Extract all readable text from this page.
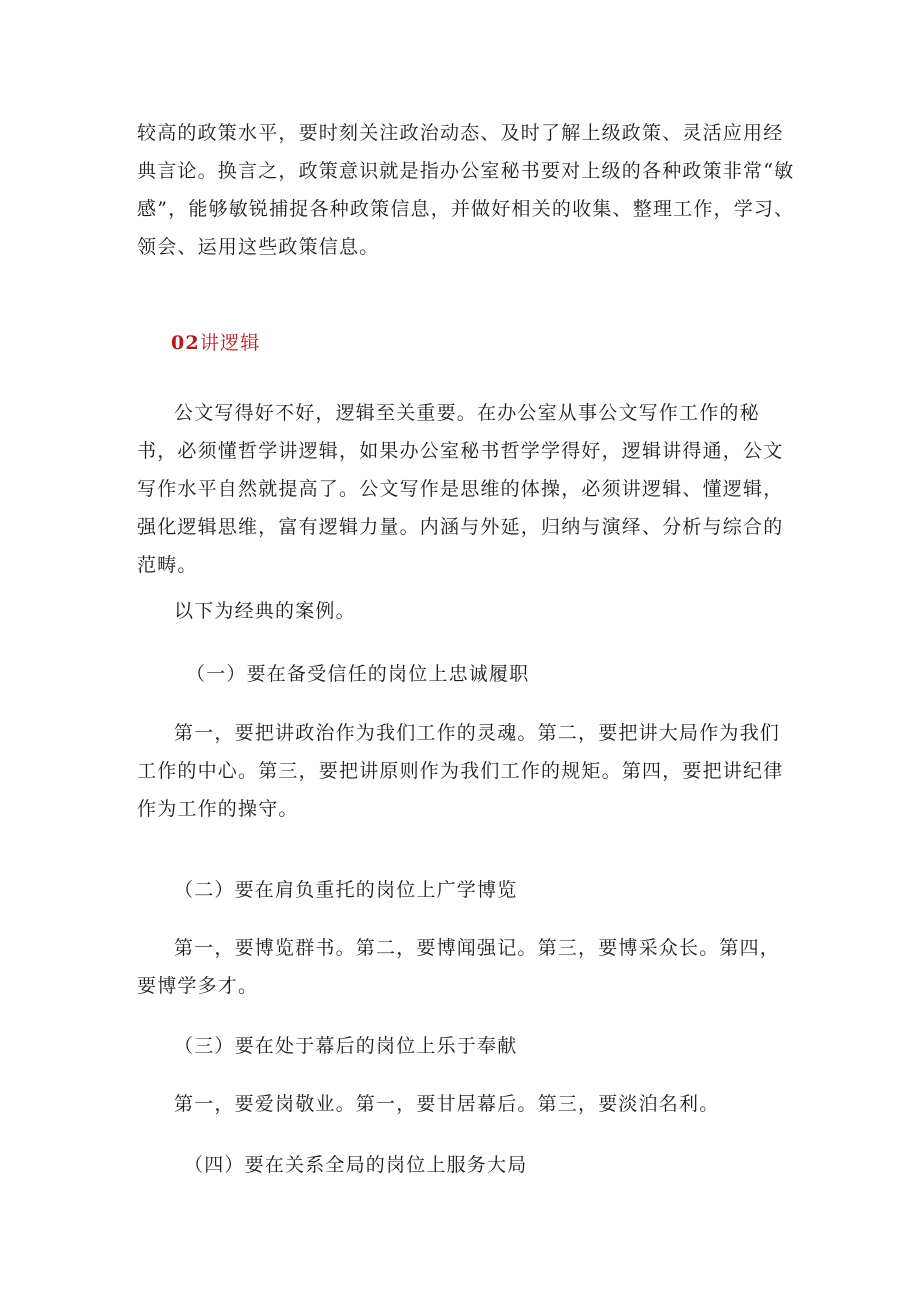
较高的政策水平，要时刻关注政治动态、及时了解上级政策、灵活应用经典言论。换言之，政策意识就是指办公室秘书要对上级的各种政策非常“敏感”，能够敏锐捕捉各种政策信息，并做好相关的收集、整理工作，学习、领会、运用这些政策信息。

02讲逻辑

公文写得好不好，逻辑至关重要。在办公室从事公文写作工作的秘书，必须懂哲学讲逻辑，如果办公室秘书哲学学得好，逻辑讲得通，公文写作水平自然就提高了。公文写作是思维的体操，必须讲逻辑、懂逻辑，强化逻辑思维，富有逻辑力量。内涵与外延，归纳与演绎、分析与综合的范畴。

以下为经典的案例。

（一）要在备受信任的岗位上忠诚履职

第一，要把讲政治作为我们工作的灵魂。第二，要把讲大局作为我们工作的中心。第三，要把讲原则作为我们工作的规矩。第四，要把讲纪律作为工作的操守。

（二）要在肩负重托的岗位上广学博览

第一，要博览群书。第二，要博闻强记。第三，要博采众长。第四，要博学多才。

（三）要在处于幕后的岗位上乐于奉献

第一，要爱岗敬业。第一，要甘居幕后。第三，要淡泊名利。

（四）要在关系全局的岗位上服务大局
